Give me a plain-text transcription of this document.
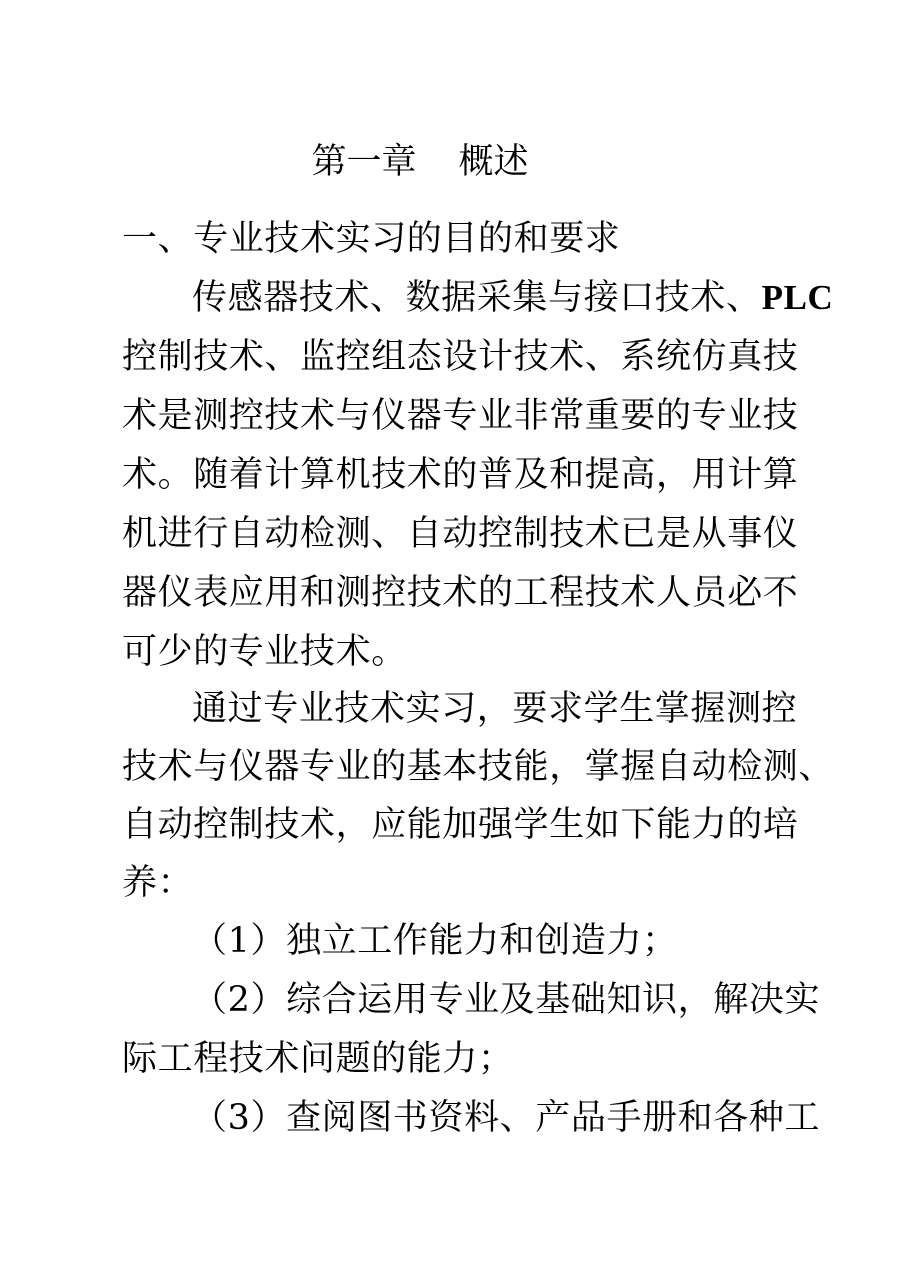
第一章 概述

一、专业技术实习的目的和要求

传感器技术、数据采集与接口技术、PLC

控制技术、监控组态设计技术、系统仿真技

术是测控技术与仪器专业非常重要的专业技

术。随着计算机技术的普及和提高，用计算

机进行自动检测、自动控制技术已是从事仪

器仪表应用和测控技术的工程技术人员必不

可少的专业技术。

通过专业技术实习，要求学生掌握测控

技术与仪器专业的基本技能，掌握自动检测、

自动控制技术，应能加强学生如下能力的培

养：

（1）独立工作能力和创造力；

（2）综合运用专业及基础知识，解决实

际工程技术问题的能力；

（3）查阅图书资料、产品手册和各种工
